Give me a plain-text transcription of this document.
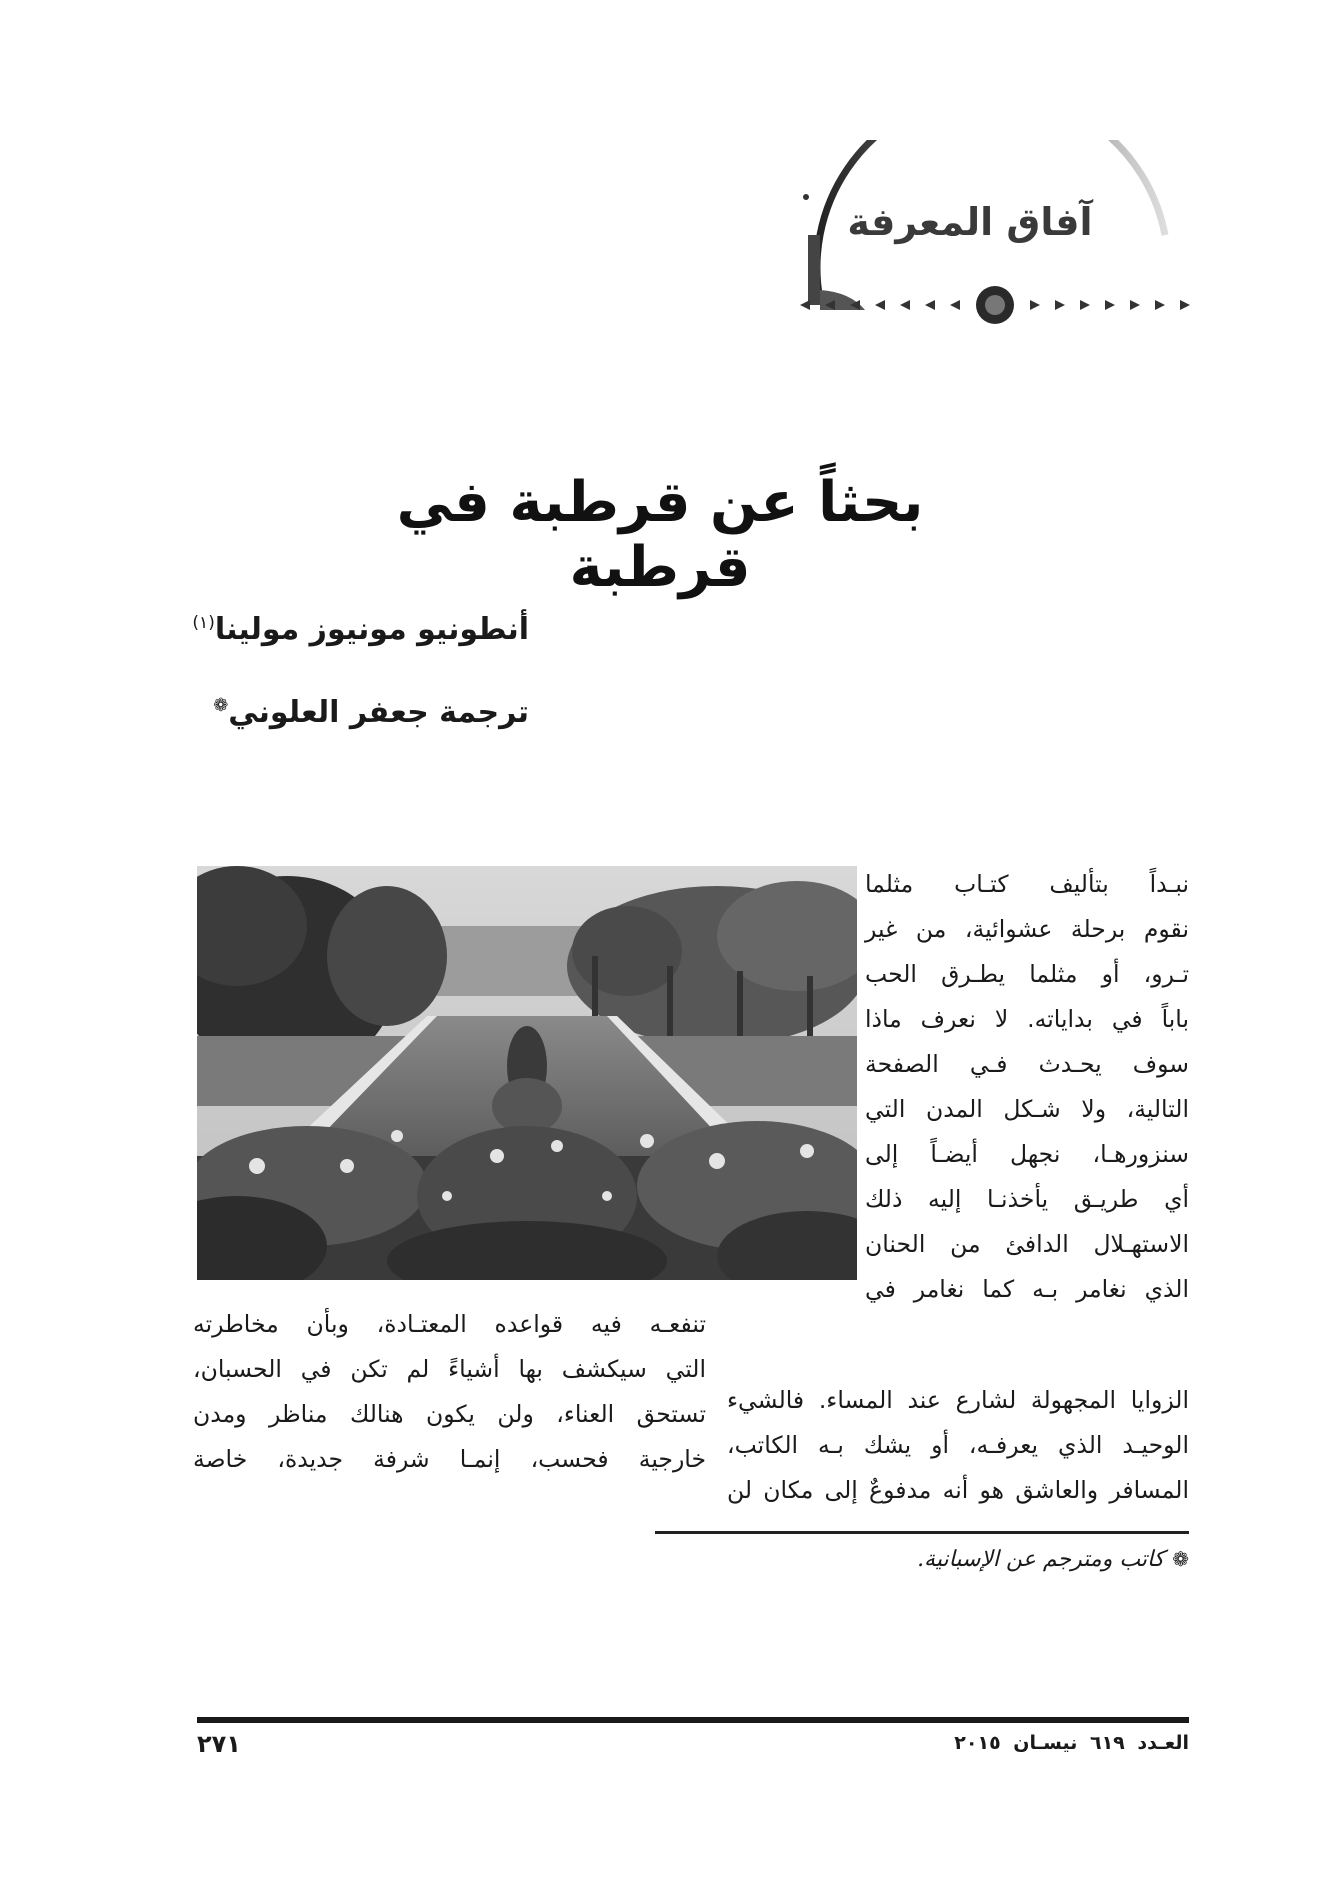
آفاق المعرفة
بحثاً عن قرطبة في قرطبة
أنطونيو مونيوز مولينا$^{(١)}$
ترجمة جعفر العلوني❁
نبـداً بتأليف كتـاب مثلما
نقوم برحلة عشوائية، من غير
تـرو، أو مثلما يطـرق الحب
باباً في بداياته. لا نعرف ماذا
سوف يحـدث فـي الصفحة
التالية، ولا شـكل المدن التي
سنزورهـا، نجهل أيضـاً إلى
أي طريـق يأخذنـا إليه ذلك
الاستهـلال الدافئ من الحنان
الذي نغامر بـه كما نغامر في
الزوايا المجهولة لشارع عند المساء. فالشيء
الوحيـد الذي يعرفـه، أو يشك بـه الكاتب،
المسافر والعاشق هو أنه مدفوعٌ إلى مكان لن
تنفعـه فيه قواعده المعتـادة، وبأن مخاطرته
التي سيكشف بها أشياءً لم تكن في الحسبان،
تستحق العناء، ولن يكون هنالك مناظر ومدن
خارجية فحسب، إنمـا شرفة جديدة، خاصة
❁كاتب ومترجم عن الإسبانية.
العـدد ٦١٩ نيسـان ٢٠١٥
٢٧١
